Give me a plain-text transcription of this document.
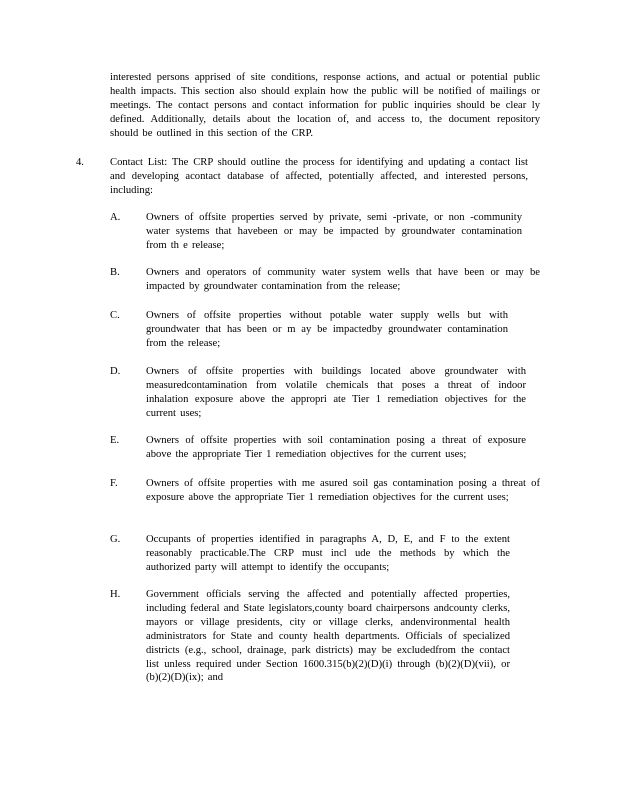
interested persons apprised of site conditions, response actions, and actual or potential public health impacts. This section also should explain how the public will be notified of mailings or meetings. The contact persons and contact information for public inquiries should be clear ly defined. Additionally, details about the location of, and access to, the document repository should be outlined in this section of the CRP.

4. Contact List: The CRP should outline the process for identifying and updating a contact list and developing acontact database of affected, potentially affected, and interested persons, including:

A. Owners of offsite properties served by private, semi -private, or non -community water systems that havebeen or may be impacted by groundwater contamination from th e release;

B. Owners and operators of community water system wells that have been or may be impacted by groundwater contamination from the release;

C. Owners of offsite properties without potable water supply wells but with groundwater that has been or m ay be impactedby groundwater contamination from the release;

D. Owners of offsite properties with buildings located above groundwater with measuredcontamination from volatile chemicals that poses a threat of indoor inhalation exposure above the appropri ate Tier 1 remediation objectives for the current uses;

E.	Owners of offsite properties with soil contamination posing a threat of exposure above the appropriate Tier 1 remediation objectives for the current uses;

F.	Owners of offsite properties with me asured soil gas contamination posing a threat of exposure above the appropriate Tier 1 remediation objectives for the current uses;

G. Occupants of properties identified in paragraphs A, D, E, and F to the extent reasonably practicable.The CRP must incl ude the methods by which the authorized party will attempt to identify the occupants;

H. Government officials serving the affected and potentially affected properties, including federal and State legislators,county board chairpersons andcounty clerks, mayors or village presidents, city or village clerks, andenvironmental health administrators for State and county health departments. Officials of specialized districts (e.g., school, drainage, park districts) may be excludedfrom the contact list unless required under Section 1600.315(b)(2)(D)(i) through (b)(2)(D)(vii), or (b)(2)(D)(ix); and
